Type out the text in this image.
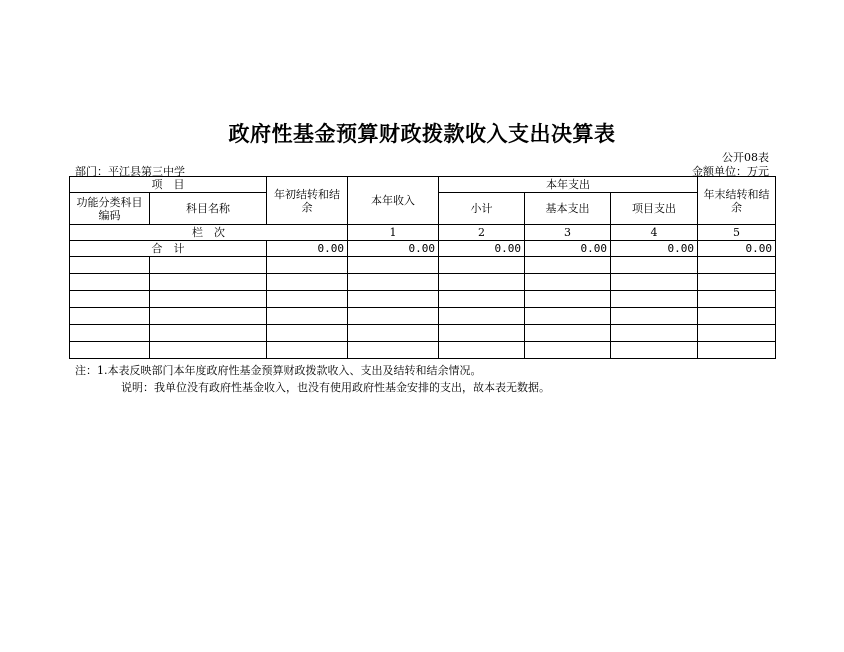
政府性基金预算财政拨款收入支出决算表
公开08表
部门：平江县第三中学	金额单位：万元
项　目		年初结转和结余	本年收入	本年支出			年末结转和结余
功能分类科目编码	科目名称			小计	基本支出	项目支出	
栏　次			1	2	3	4	5
合　计		0.00	0.00	0.00	0.00	0.00	0.00

注：1.本表反映部门本年度政府性基金预算财政拨款收入、支出及结转和结余情况。
说明：我单位没有政府性基金收入，也没有使用政府性基金安排的支出，故本表无数据。
